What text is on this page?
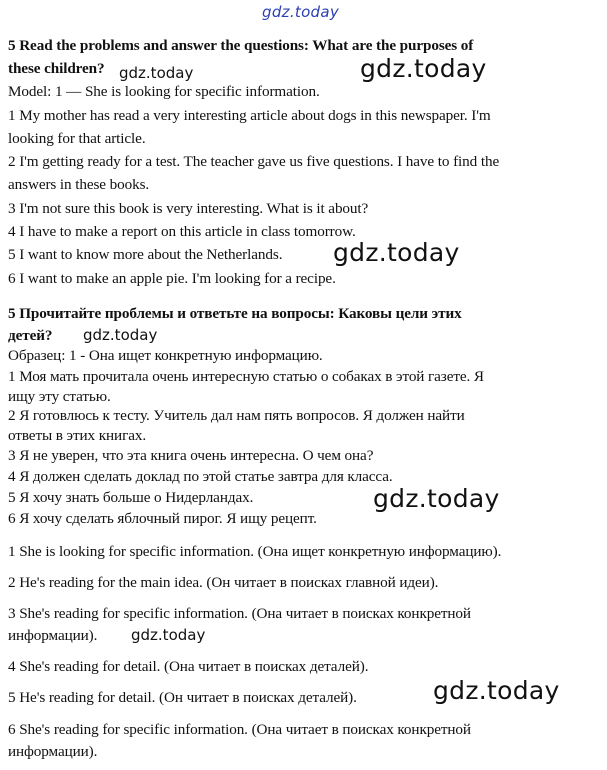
gdz.today
5 Read the problems and answer the questions: What are the purposes of
these children? gdz.today	gdz.today
Model: 1 — She is looking for specific information.
1 My mother has read a very interesting article about dogs in this newspaper. I'm
looking for that article.
2 I'm getting ready for a test. The teacher gave us five questions. I have to find the
answers in these books.
3 I'm not sure this book is very interesting. What is it about?
4 I have to make a report on this article in class tomorrow.
5 I want to know more about the Netherlands. gdz.today
6 I want to make an apple pie. I'm looking for a recipe.
5 Прочитайте проблемы и ответьте на вопросы: Каковы цели этих
детей? gdz.today
Образец: 1 - Она ищет конкретную информацию.
1 Моя мать прочитала очень интересную статью о собаках в этой газете. Я
ищу эту статью.
2 Я готовлюсь к тесту. Учитель дал нам пять вопросов. Я должен найти
ответы в этих книгах.
3 Я не уверен, что эта книга очень интересна. О чем она?
4 Я должен сделать доклад по этой статье завтра для класса.
5 Я хочу знать больше о Нидерландах.	gdz.today
6 Я хочу сделать яблочный пирог. Я ищу рецепт.
1 She is looking for specific information. (Она ищет конкретную информацию).
2 He's reading for the main idea. (Он читает в поисках главной идеи).
3 She's reading for specific information. (Она читает в поисках конкретной
информации). gdz.today
4 She's reading for detail. (Она читает в поисках деталей).
5 He's reading for detail. (Он читает в поисках деталей).	gdz.today
6 She's reading for specific information. (Она читает в поисках конкретной
информации).
